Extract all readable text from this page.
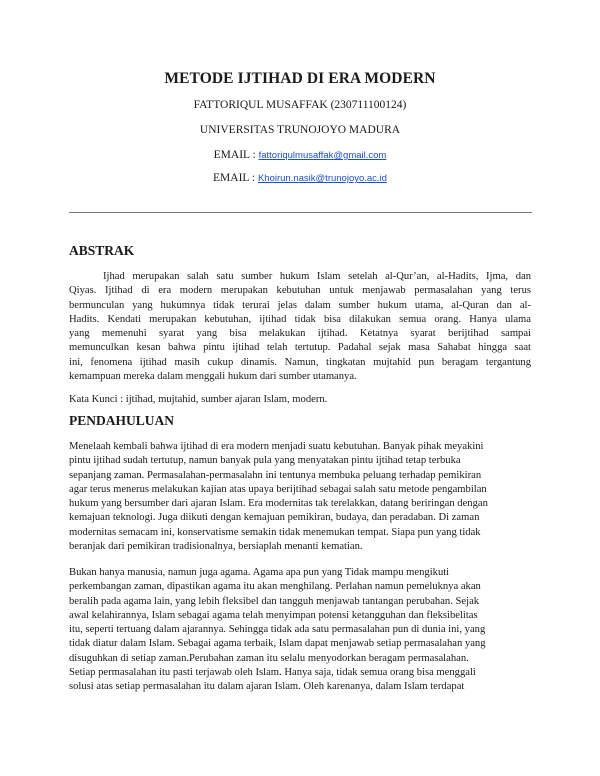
METODE IJTIHAD DI ERA MODERN
FATTORIQUL MUSAFFAK (230711100124)
UNIVERSITAS TRUNOJOYO MADURA
EMAIL : fattoriqulmusaffak@gmail.com
EMAIL : Khoirun.nasik@trunojoyo.ac.id
ABSTRAK
Ijhad merupakan salah satu sumber hukum Islam setelah al-Qur’an, al-Hadits, Ijma, dan
Qiyas. Ijtihad di era modern merupakan kebutuhan untuk menjawab permasalahan yang terus
bermunculan yang hukumnya tidak terurai jelas dalam sumber hukum utama, al-Quran dan al-
Hadits. Kendati merupakan kebutuhan, ijtihad tidak bisa dilakukan semua orang. Hanya ulama
yang memenuhi syarat yang bisa melakukan ijtihad. Ketatnya syarat berijtihad sampai
memunculkan kesan bahwa pintu ijtihad telah tertutup. Padahal sejak masa Sahabat hingga saat
ini, fenomena ijtihad masih cukup dinamis. Namun, tingkatan mujtahid pun beragam tergantung
kemampuan mereka dalam menggali hukum dari sumber utamanya.
Kata Kunci : ijtihad, mujtahid, sumber ajaran Islam, modern.
PENDAHULUAN
Menelaah kembali bahwa ijtihad di era modern menjadi suatu kebutuhan. Banyak pihak meyakini
pintu ijtihad sudah tertutup, namun banyak pula yang menyatakan pintu ijtihad tetap terbuka
sepanjang zaman. Permasalahan-permasalahn ini tentunya membuka peluang terhadap pemikiran
agar terus menerus melakukan kajian atas upaya berijtihad sebagai salah satu metode pengambilan
hukum yang bersumber dari ajaran Islam. Era modernitas tak terelakkan, datang beriringan dengan
kemajuan teknologi. Juga diikuti dengan kemajuan pemikiran, budaya, dan peradaban. Di zaman
modernitas semacam ini, konservatisme semakin tidak menemukan tempat. Siapa pun yang tidak
beranjak dari pemikiran tradisionalnya, bersiaplah menanti kematian.
Bukan hanya manusia, namun juga agama. Agama apa pun yang Tidak mampu mengikuti
perkembangan zaman, dipastikan agama itu akan menghilang. Perlahan namun pemeluknya akan
beralih pada agama lain, yang lebih fleksibel dan tangguh menjawab tantangan perubahan. Sejak
awal kelahirannya, Islam sebagai agama telah menyimpan potensi ketangguhan dan fleksibelitas
itu, seperti tertuang dalam ajarannya. Sehingga tidak ada satu permasalahan pun di dunia ini, yang
tidak diatur dalam Islam. Sebagai agama terbaik, Islam dapat menjawab setiap permasalahan yang
disuguhkan di setiap zaman.Perubahan zaman itu selalu menyodorkan beragam permasalahan.
Setiap permasalahan itu pasti terjawab oleh Islam. Hanya saja, tidak semua orang bisa menggali
solusi atas setiap permasalahan itu dalam ajaran Islam. Oleh karenanya, dalam Islam terdapat
